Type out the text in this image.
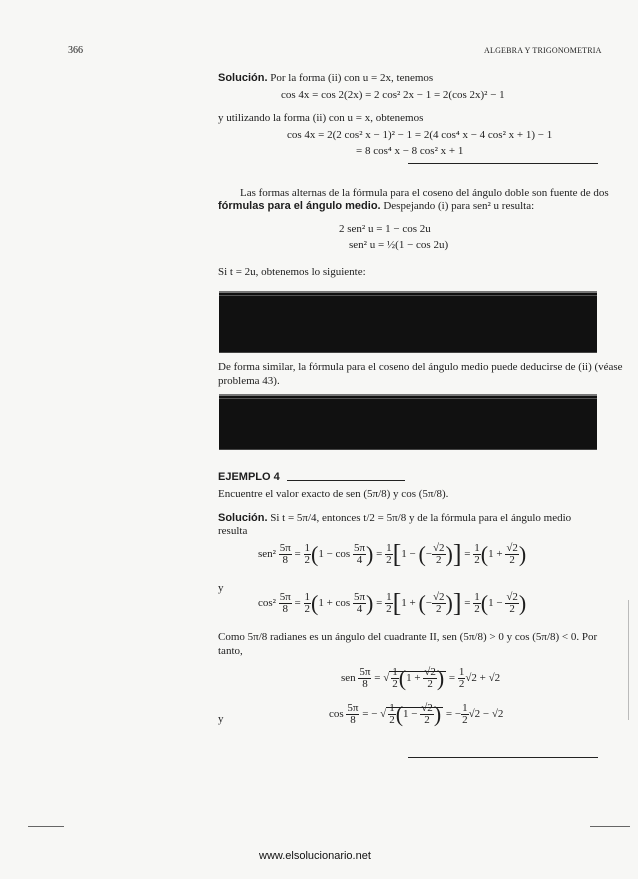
366	ALGEBRA Y TRIGONOMETRIA
Solución. Por la forma (ii) con u = 2x, tenemos
cos 4x = cos 2(2x) = 2 cos² 2x − 1 = 2(cos 2x)² − 1
y utilizando la forma (ii) con u = x, obtenemos
cos 4x = 2(2 cos² x − 1)² − 1 = 2(4 cos⁴ x − 4 cos² x + 1) − 1
= 8 cos⁴ x − 8 cos² x + 1
Las formas alternas de la fórmula para el coseno del ángulo doble son fuente de dos
fórmulas para el ángulo medio. Despejando (i) para sen² u resulta:
2 sen² u = 1 − cos 2u
sen² u = ½(1 − cos 2u)
Si t = 2u, obtenemos lo siguiente:
De forma similar, la fórmula para el coseno del ángulo medio puede deducirse de (ii) (véase
problema 43).
EJEMPLO 4
Encuentre el valor exacto de sen (5π/8) y cos (5π/8).
Solución. Si t = 5π/4, entonces t/2 = 5π/8 y de la fórmula para el ángulo medio
resulta
$sen^2 \frac{5\pi}{8} = \frac{1}{2} (1 - \cos \frac{5\pi}{4}$ ) = $\frac{1}{2} [1$ − (− $\frac{√2}{2}$ )] = $\frac{1}{2} (1 + \frac{√2}{2}$ )
y
$\cos^2 \frac{5\pi}{8} = \frac{1}{2} (1 + \cos \frac{5\pi}{4}$ ) = $\frac{1}{2} [1$ + (− $\frac{√2}{2}$ )] = $\frac{1}{2} (1 - \frac{√2}{2}$ )
Como 5π/8 radianes es un ángulo del cuadrante II, sen (5π/8) > 0 y cos (5π/8) < 0. Por
tanto,
sen $\frac{5\pi}{8}$ = √ $\frac{1}{2} (1 + \frac{√2}{2}$ ) = $\frac{1}{2} √2 + √2$
y	$\cos \frac{5\pi}{8}$ = − √ $\frac{1}{2} (1 - \frac{√2}{2}$ ) = − $\frac{1}{2} √2 - √2$
www.elsolucionario.net
